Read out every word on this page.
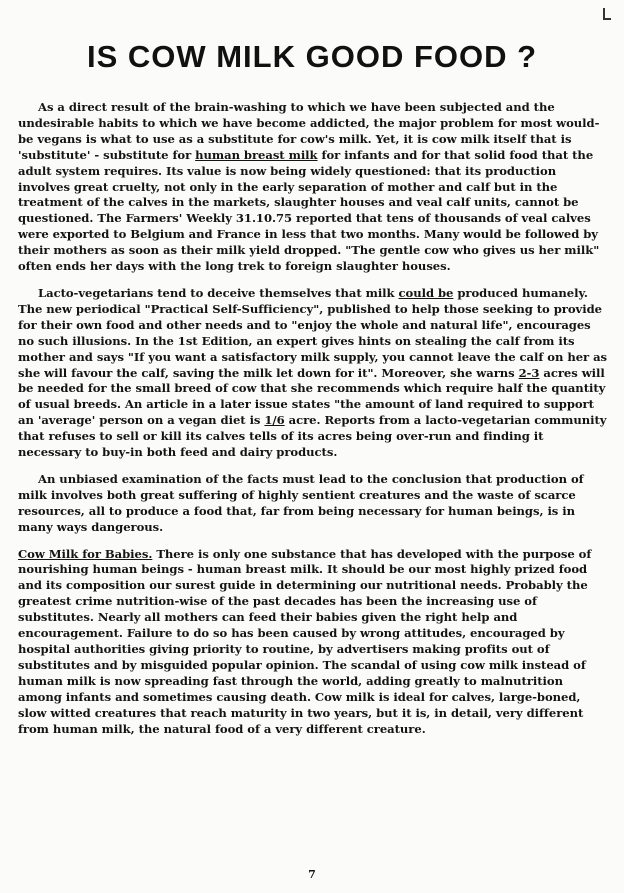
IS COW MILK GOOD FOOD ?

As a direct result of the brain-washing to which we have been subjected and the undesirable habits to which we have become addicted, the major problem for most would-be vegans is what to use as a substitute for cow's milk. Yet, it is cow milk itself that is 'substitute' - substitute for human breast milk for infants and for that solid food that the adult system requires. Its value is now being widely questioned: that its production involves great cruelty, not only in the early separation of mother and calf but in the treatment of the calves in the markets, slaughter houses and veal calf units, cannot be questioned. The Farmers' Weekly 31.10.75 reported that tens of thousands of veal calves were exported to Belgium and France in less that two months. Many would be followed by their mothers as soon as their milk yield dropped. "The gentle cow who gives us her milk" often ends her days with the long trek to foreign slaughter houses.

Lacto-vegetarians tend to deceive themselves that milk could be produced humanely. The new periodical "Practical Self-Sufficiency", published to help those seeking to provide for their own food and other needs and to "enjoy the whole and natural life", encourages no such illusions. In the 1st Edition, an expert gives hints on stealing the calf from its mother and says "If you want a satisfactory milk supply, you cannot leave the calf on her as she will favour the calf, saving the milk let down for it". Moreover, she warns 2-3 acres will be needed for the small breed of cow that she recommends which require half the quantity of usual breeds. An article in a later issue states "the amount of land required to support an 'average' person on a vegan diet is 1/6 acre. Reports from a lacto-vegetarian community that refuses to sell or kill its calves tells of its acres being over-run and finding it necessary to buy-in both feed and dairy products.

An unbiased examination of the facts must lead to the conclusion that production of milk involves both great suffering of highly sentient creatures and the waste of scarce resources, all to produce a food that, far from being necessary for human beings, is in many ways dangerous.

Cow Milk for Babies. There is only one substance that has developed with the purpose of nourishing human beings - human breast milk. It should be our most highly prized food and its composition our surest guide in determining our nutritional needs. Probably the greatest crime nutrition-wise of the past decades has been the increasing use of substitutes. Nearly all mothers can feed their babies given the right help and encouragement. Failure to do so has been caused by wrong attitudes, encouraged by hospital authorities giving priority to routine, by advertisers making profits out of substitutes and by misguided popular opinion. The scandal of using cow milk instead of human milk is now spreading fast through the world, adding greatly to malnutrition among infants and sometimes causing death. Cow milk is ideal for calves, large-boned, slow witted creatures that reach maturity in two years, but it is, in detail, very different from human milk, the natural food of a very different creature.

7
